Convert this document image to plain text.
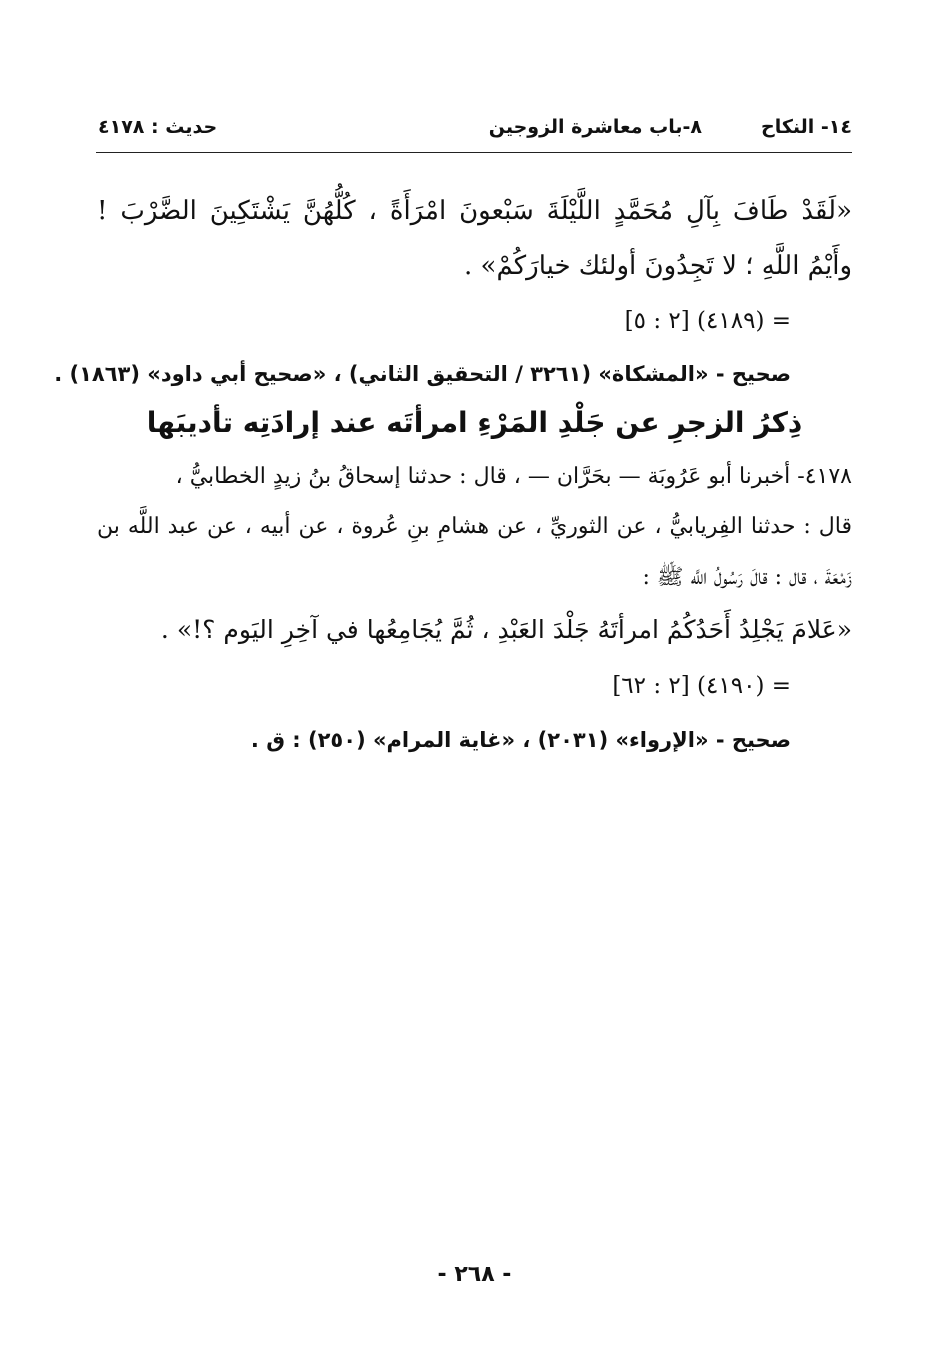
١٤- النكاح
٨-باب معاشرة الزوجين
حديث : ٤١٧٨
«لَقَدْ طَافَ بِآلِ مُحَمَّدٍ اللَّيْلَةَ سَبْعونَ امْرَأَةً ، كُلُّهُنَّ يَشْتَكِينَ الضَّرْبَ !
وأَيْمُ اللَّهِ ؛ لا تَجِدُونَ أولئك خيارَكُمْ» .
= (٤١٨٩) [٢ : ٥]
صحيح - «المشكاة» (٣٢٦١ / التحقيق الثاني) ، «صحيح أبي داود» (١٨٦٣) .
ذِكرُ الزجرِ عن جَلْدِ المَرْءِ امرأتَه عند إرادَتِه تأديبَها
٤١٧٨- أخبرنا أبو عَرُوبَة — بحَرَّان — ، قال : حدثنا إسحاقُ بنُ زيدٍ الخطابيُّ ،
قال : حدثنا الفِريابيُّ ، عن الثوريِّ ، عن هشامِ بنِ عُروة ، عن أبيه ، عن عبد اللَّه بن
زَمْعَةَ ، قال : قالَ رَسُولُ اللَّه ﷺ :
«عَلامَ يَجْلِدُ أَحَدُكُمُ امرأتَهُ جَلْدَ العَبْدِ ، ثُمَّ يُجَامِعُها في آخِرِ اليَوم ؟!» .
= (٤١٩٠) [٢ : ٦٢]
صحيح - «الإرواء» (٢٠٣١) ، «غاية المرام» (٢٥٠) : ق .
- ٢٦٨ -
